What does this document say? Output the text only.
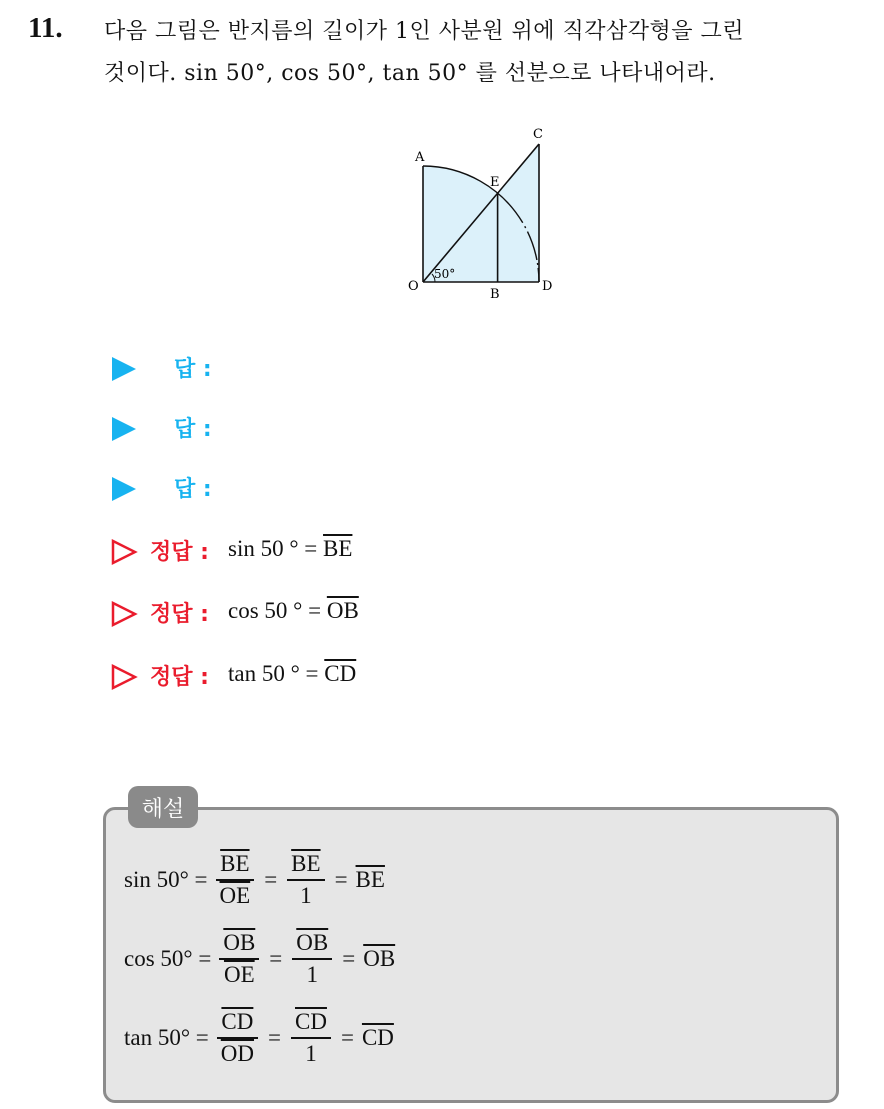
11. 다음 그림은 반지름의 길이가 1인 사분원 위에 직각삼각형을 그린
것이다. sin 50°, cos 50°, tan 50° 를 선분으로 나타내어라.
A
C
E
O
B
D
50°
답 :
답 :
답 :
정답 : sin 50 ° = $\overline{BE}$
정답 : cos 50 ° = $\overline{OB}$
정답 : tan 50 ° = $\overline{CD}$
해설
$\sin 50^\circ = \frac{\overline{BE}}{OE} = \frac{\overline{BE}}{1} = \overline{BE}$
$\cos 50^\circ = \frac{\overline{OB}}{OE} = \frac{\overline{OB}}{1} = \overline{OB}$
$\tan 50^\circ = \frac{\overline{CD}}{OD} = \frac{\overline{CD}}{1} = \overline{CD}$
